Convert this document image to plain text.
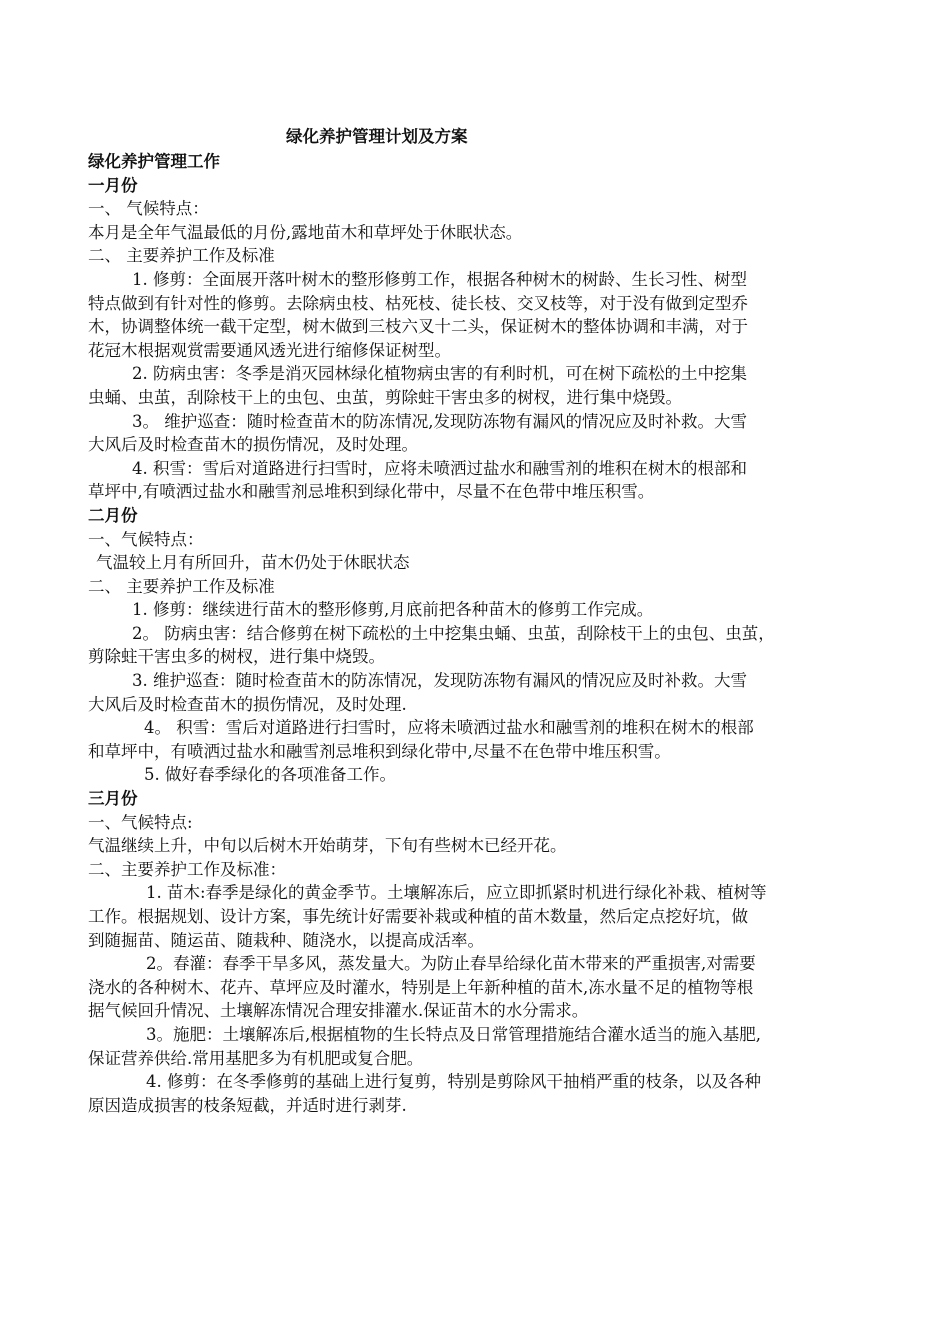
绿化养护管理计划及方案
绿化养护管理工作
一月份
一、 气候特点：
本月是全年气温最低的月份,露地苗木和草坪处于休眠状态。
二、 主要养护工作及标准
1. 修剪：全面展开落叶树木的整形修剪工作，根据各种树木的树龄、生长习性、树型
特点做到有针对性的修剪。去除病虫枝、枯死枝、徒长枝、交叉枝等，对于没有做到定型乔
木，协调整体统一截干定型，树木做到三枝六叉十二头，保证树木的整体协调和丰满，对于
花冠木根据观赏需要通风透光进行缩修保证树型。
2. 防病虫害：冬季是消灭园林绿化植物病虫害的有利时机，可在树下疏松的土中挖集
虫蛹、虫茧，刮除枝干上的虫包、虫茧，剪除蛀干害虫多的树杈，进行集中烧毁。
3。 维护巡查：随时检查苗木的防冻情况,发现防冻物有漏风的情况应及时补救。大雪
大风后及时检查苗木的损伤情况，及时处理。
4. 积雪：雪后对道路进行扫雪时，应将未喷洒过盐水和融雪剂的堆积在树木的根部和
草坪中,有喷洒过盐水和融雪剂忌堆积到绿化带中，尽量不在色带中堆压积雪。
二月份
一、气候特点：
气温较上月有所回升，苗木仍处于休眠状态
二、 主要养护工作及标准
1. 修剪：继续进行苗木的整形修剪,月底前把各种苗木的修剪工作完成。
2。 防病虫害：结合修剪在树下疏松的土中挖集虫蛹、虫茧，刮除枝干上的虫包、虫茧，
剪除蛀干害虫多的树杈，进行集中烧毁。
3. 维护巡查：随时检查苗木的防冻情况，发现防冻物有漏风的情况应及时补救。大雪
大风后及时检查苗木的损伤情况，及时处理.
4。 积雪：雪后对道路进行扫雪时，应将未喷洒过盐水和融雪剂的堆积在树木的根部
和草坪中，有喷洒过盐水和融雪剂忌堆积到绿化带中,尽量不在色带中堆压积雪。
5. 做好春季绿化的各项准备工作。
三月份
一、气候特点:
气温继续上升，中旬以后树木开始萌芽，下旬有些树木已经开花。
二、主要养护工作及标准：
1. 苗木:春季是绿化的黄金季节。土壤解冻后，应立即抓紧时机进行绿化补栽、植树等
工作。根据规划、设计方案，事先统计好需要补栽或种植的苗木数量，然后定点挖好坑，做
到随掘苗、随运苗、随栽种、随浇水，以提高成活率。
2。春灌：春季干旱多风，蒸发量大。为防止春旱给绿化苗木带来的严重损害,对需要
浇水的各种树木、花卉、草坪应及时灌水，特别是上年新种植的苗木,冻水量不足的植物等根
据气候回升情况、土壤解冻情况合理安排灌水.保证苗木的水分需求。
3。施肥：土壤解冻后,根据植物的生长特点及日常管理措施结合灌水适当的施入基肥,
保证营养供给.常用基肥多为有机肥或复合肥。
4. 修剪：在冬季修剪的基础上进行复剪，特别是剪除风干抽梢严重的枝条，以及各种
原因造成损害的枝条短截，并适时进行剥芽.
